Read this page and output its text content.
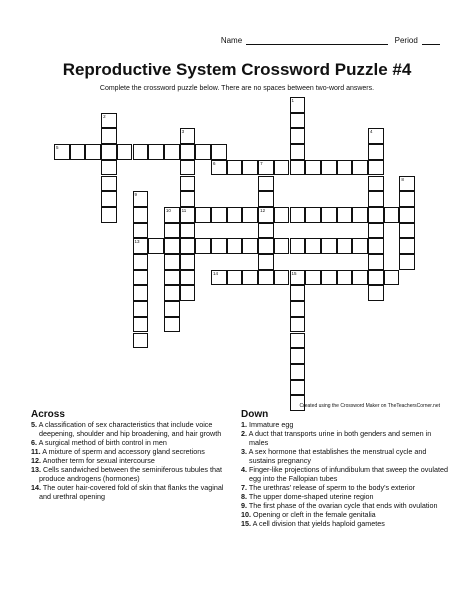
Name	Period
Reproductive System Crossword Puzzle #4
Complete the crossword puzzle below. There are no spaces between two-word answers.
1
2
3
11
4
5
6	7
12
8
9
13
10
14	15
Created using the Crossword Maker on TheTeachersCorner.net
Across
5. A classification of sex characteristics that include voice deepening, shoulder and hip broadening, and hair growth
6. A surgical method of birth control in men
11. A mixture of sperm and accessory gland secretions
12. Another term for sexual intercourse
13. Cells sandwiched between the seminiferous tubules that produce androgens (hormones)
14. The outer hair-covered fold of skin that flanks the vaginal and urethral opening
Down
1. Immature egg
2. A duct that transports urine in both genders and semen in males
3. A sex hormone that establishes the menstrual cycle and sustains pregnancy
4. Finger-like projections of infundibulum that sweep the ovulated egg into the Fallopian tubes
7. The urethras' release of sperm to the body's exterior
8. The upper dome-shaped uterine region
9. The first phase of the ovarian cycle that ends with ovulation
10. Opening or cleft in the female genitalia
15. A cell division that yields haploid gametes
